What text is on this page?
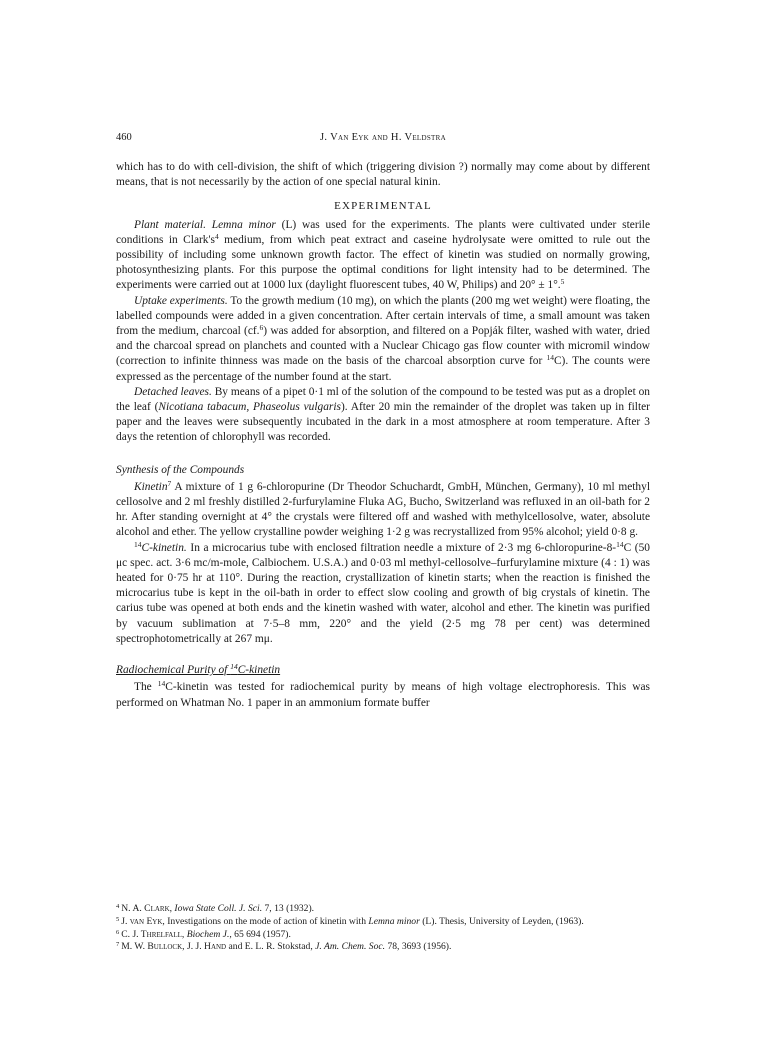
460	J. Van Eyk and H. Veldstra

which has to do with cell-division, the shift of which (triggering division ?) normally may come about by different means, that is not necessarily by the action of one special natural kinin.

EXPERIMENTAL

Plant material. Lemna minor (L) was used for the experiments. The plants were cultivated under sterile conditions in $Clark's^4$ medium, from which peat extract and caseine hydrolysate were omitted to rule out the possibility of including some unknown growth factor. The effect of kinetin was studied on normally growing, photosynthesizing plants. For this purpose the optimal conditions for light intensity had to be determined. The experiments were carried out at 1000 lux (daylight fluorescent tubes, 40 W, Philips) and 20° ± 1°.$^5$

Uptake experiments. To the growth medium (10 mg), on which the plants (200 mg wet weight) were floating, the labelled compounds were added in a given concentration. After certain intervals of time, a small amount was taken from the medium, charcoal (cf.$^6$) was added for absorption, and filtered on a Popják filter, washed with water, dried and the charcoal spread on planchets and counted with a Nuclear Chicago gas flow counter with micromil window (correction to infinite thinness was made on the basis of the charcoal absorption curve for $^{14}$C). The counts were expressed as the percentage of the number found at the start.

Detached leaves. By means of a pipet 0·1 ml of the solution of the compound to be tested was put as a droplet on the leaf (Nicotiana tabacum, Phaseolus vulgaris). After 20 min the remainder of the droplet was taken up in filter paper and the leaves were subsequently incubated in the dark in a most atmosphere at room temperature. After 3 days the retention of chlorophyll was recorded.

Synthesis of the Compounds

Kinetin$^7$ A mixture of 1 g 6-chloropurine (Dr Theodor Schuchardt, GmbH, München, Germany), 10 ml methyl cellosolve and 2 ml freshly distilled 2-furfurylamine Fluka AG, Bucho, Switzerland was refluxed in an oil-bath for 2 hr. After standing overnight at 4° the crystals were filtered off and washed with methylcellosolve, water, absolute alcohol and ether. The yellow crystalline powder weighing 1·2 g was recrystallized from 95% alcohol; yield 0·8 g.

$^{14}$C-kinetin. In a microcarius tube with enclosed filtration needle a mixture of 2·3 mg 6-chloropurine-8-$^{14}$C (50 μc spec. act. 3·6 mc/m-mole, Calbiochem. U.S.A.) and 0·03 ml methyl-cellosolve–furfurylamine mixture (4 : 1) was heated for 0·75 hr at 110°. During the reaction, crystallization of kinetin starts; when the reaction is finished the microcarius tube is kept in the oil-bath in order to effect slow cooling and growth of big crystals of kinetin. The carius tube was opened at both ends and the kinetin washed with water, alcohol and ether. The kinetin was purified by vacuum sublimation at 7·5–8 mm, 220° and the yield (2·5 mg 78 per cent) was determined spectrophotometrically at 267 mμ.

Radiochemical Purity of $^{14}$C-kinetin

The $^{14}$C-kinetin was tested for radiochemical purity by means of high voltage electrophoresis. This was performed on Whatman No. 1 paper in an ammonium formate buffer

$^4$ N. A. Clark, Iowa State Coll. J. Sci. 7, 13 (1932).

$^5$ J. van Eyk, Investigations on the mode of action of kinetin with Lemna minor (L). Thesis, University of Leyden, (1963).

$^6$ C. J. Threlfall, Biochem J., 65 694 (1957).

$^7$ M. W. Bullock, J. J. Hand and E. L. R. Stokstad, J. Am. Chem. Soc. 78, 3693 (1956).
